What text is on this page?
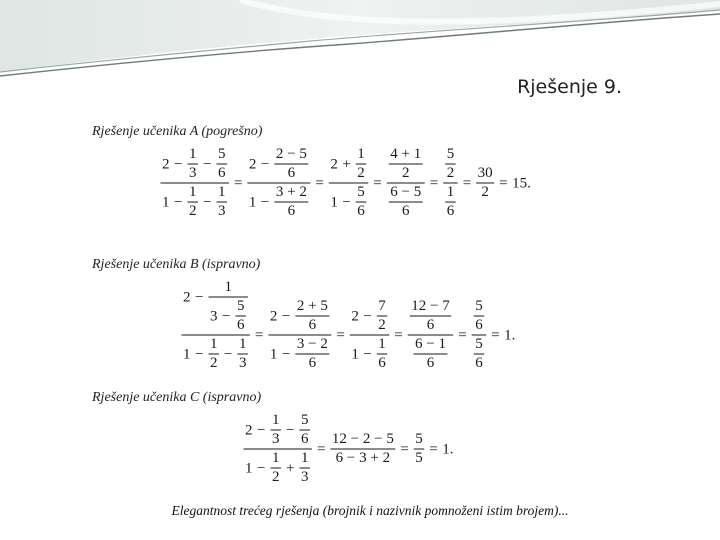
Rješenje 9.
Rješenje učenika A (pogrešno)
2 −
1
3
−
5
6
1 −
1
2
−
1
3
=
2 −
2 − 5
6
1 −
3 + 2
6
=
2 +
1
2
1 −
5
6
=
4 + 1
2
6 − 5
6
=
5
2
1
6
=
30
2
= 15.
Rješenje učenika B (ispravno)
2 −
1
3 −
5
6
1 −
1
2
−
1
3
=
2 −
2 + 5
6
1 −
3 − 2
6
=
2 −
7
2
1 −
1
6
=
12 − 7
6
6 − 1
6
=
5
6
5
6
= 1.
Rješenje učenika C (ispravno)
2 −
1
3
−
5
6
1 −
1
2
+
1
3
=
12 − 2 − 5
6 − 3 + 2
=
5
5
= 1.
Elegantnost trećeg rješenja (brojnik i nazivnik pomnoženi istim brojem)...
